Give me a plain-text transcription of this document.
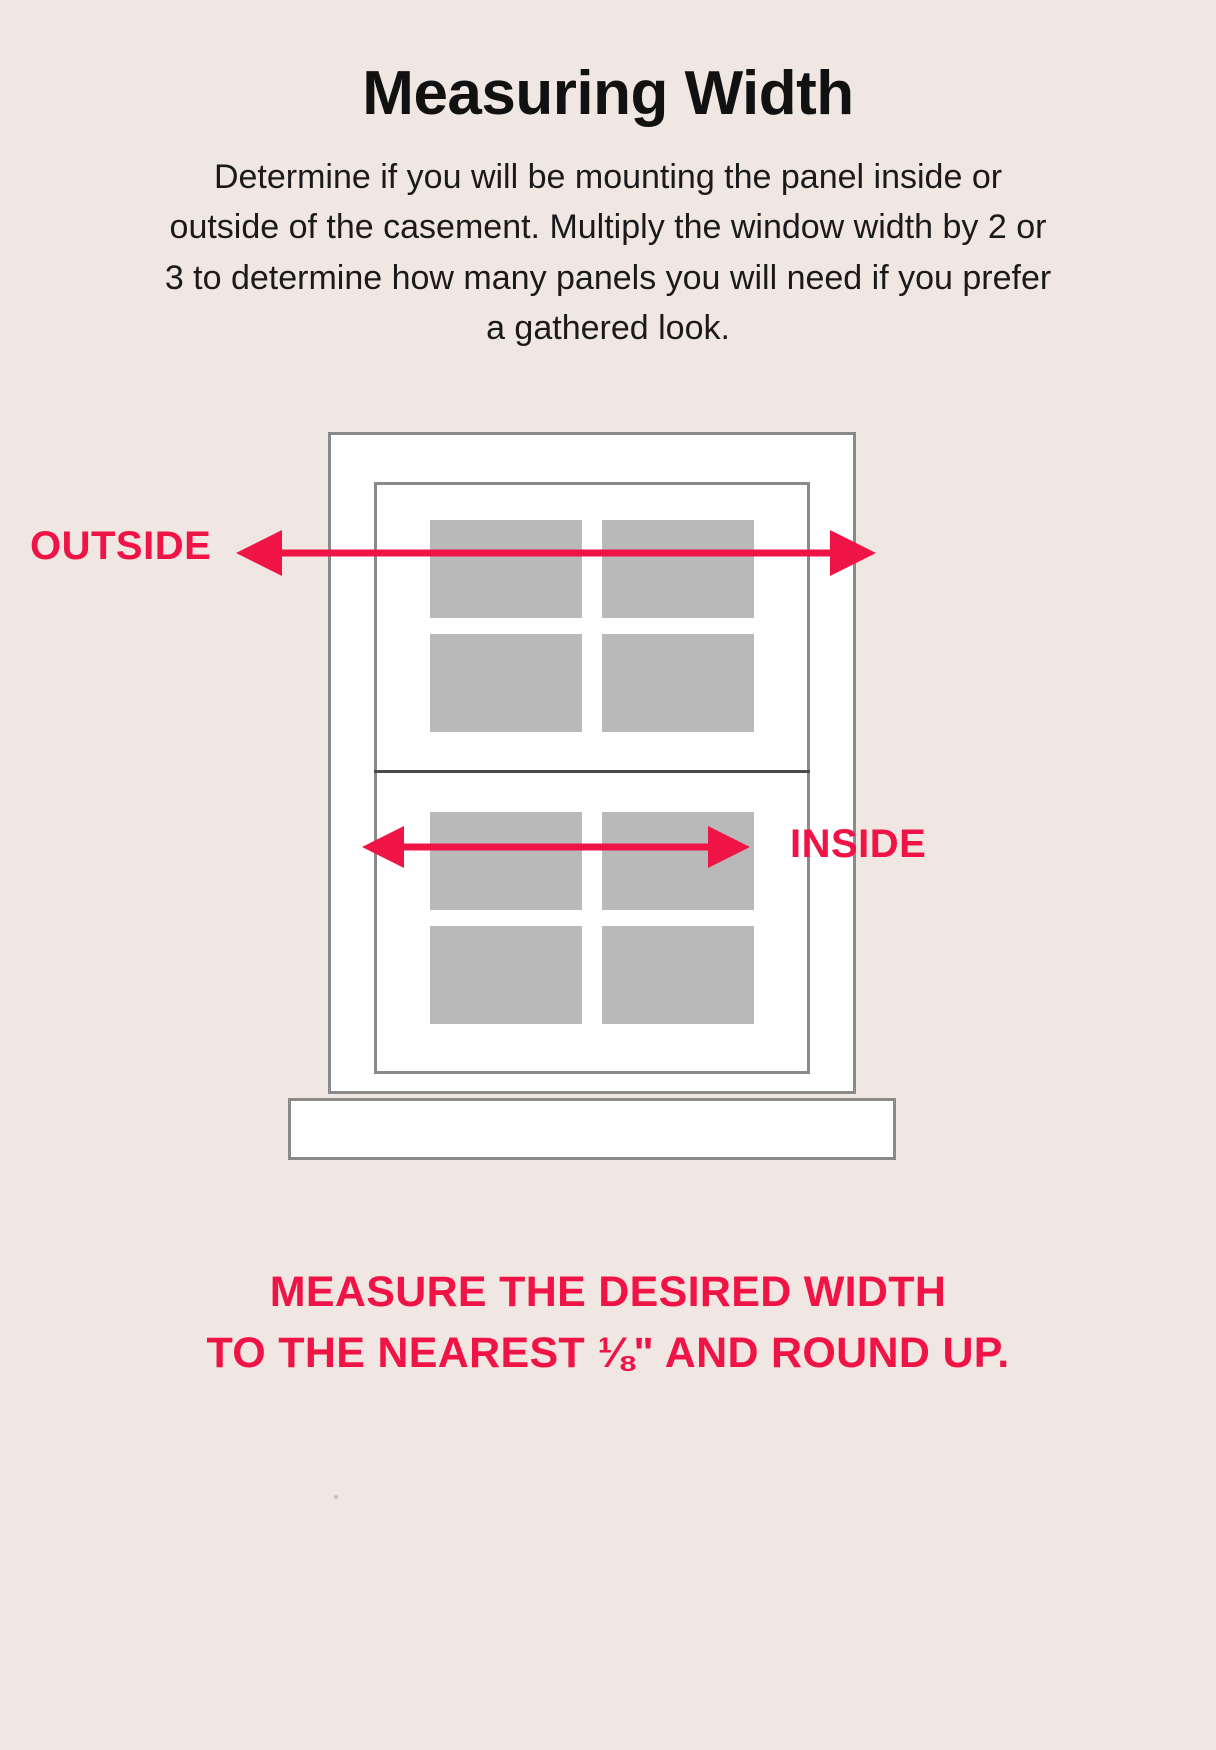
Measuring Width
Determine if you will be mounting the panel inside or outside of the casement. Multiply the window width by 2 or 3 to determine how many panels you will need if you prefer a gathered look.
OUTSIDE
INSIDE
MEASURE THE DESIRED WIDTH
TO THE NEAREST ⅛" AND ROUND UP.
